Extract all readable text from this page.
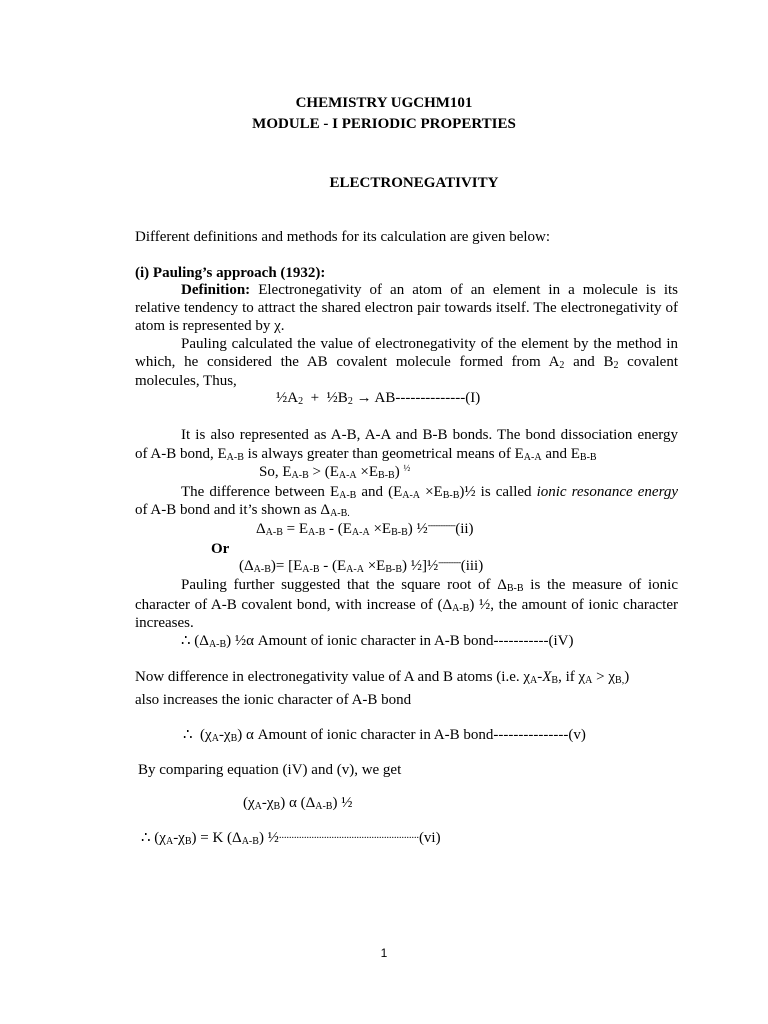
CHEMISTRY UGCHM101
MODULE - I PERIODIC PROPERTIES
ELECTRONEGATIVITY
Different definitions and methods for its calculation are given below:
(i) Pauling’s approach (1932):
Definition: Electronegativity of an atom of an element in a molecule is its
relative tendency to attract the shared electron pair towards itself. The electronegativity of
atom is represented by χ.
Pauling calculated the value of electronegativity of the element by the method in
which, he considered the AB covalent molecule formed from $A_2$ and $B_2$ covalent
molecules, Thus,
$\frac{1}{2}A_2$  +  $\frac{1}{2}B_2 \to AB--------------(I)$
It is also represented as A-B, A-A and B-B bonds. The bond dissociation energy
of A-B bond, $E_{A-B}$ is always greater than geometrical means of $E_{A-A}$ and $E_{B-B}$
So, $E_{A-B} > (E_{A-A} \times E_{B-B})$ $^{\frac{1}{2}}$
The difference between $E_{A-B}$ and ($E_{A-A}$ $\times E_{B-B})\frac{1}{2}$ is called ionic resonance energy
of A-B bond and it’s shown as $\Delta_{A-B.}$
$\Delta_{A-B} = E_{A-B} - (E_{A-A} \times E_{B-B})$ ½-----------(ii)
Or
$(\Delta_{A-B})= [E_{A-B} - (E_{A-A} \times E_{B-B})$ ½]½---------(iii)
Pauling further suggested that the square root of $\Delta_{B-B}$ is the measure of ionic
character of A-B covalent bond, with increase of $(\Delta_{A-B})$ ½, the amount of ionic character
increases.
∴ $(\Delta_{A-B})$ ½α Amount of ionic character in A-B bond-----------(iV)
Now difference in electronegativity value of A and B atoms (i.e. $\chi_A-X_B$, if $\chi_A > \chi_{B,}$)
also increases the ionic character of A-B bond
∴  $(\chi_A-\chi_B)$ α Amount of ionic character in A-B bond---------------(v)
By comparing equation (iV) and (v), we get
$(\chi_A-\chi_B)$ α $(\Delta_{A-B})$ ½
∴ $(\chi_A-\chi_B) = K$ $(\Delta_{A-B})$ ½........................................................(vi)
1
